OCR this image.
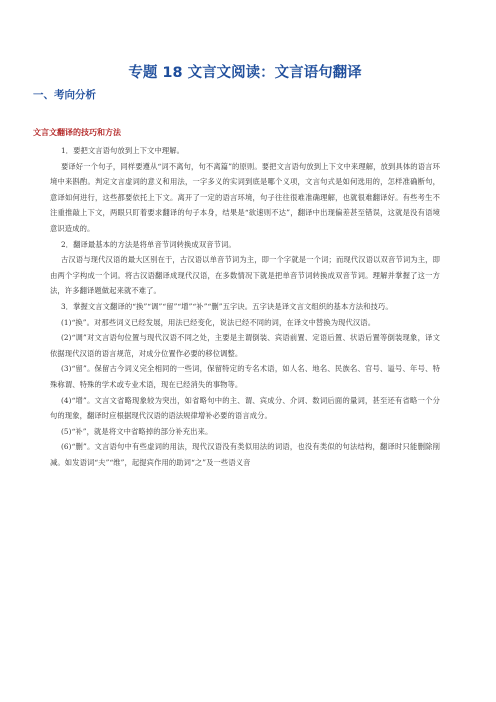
专题 18 文言文阅读：文言语句翻译
一、考向分析
文言文翻译的技巧和方法

1．要把文言语句放到上下文中理解。

要译好一个句子，同样要遵从“词不离句，句不离篇”的原则。要把文言语句放到上下文中来理解，放到具体的语言环境中来斟酌。判定文言虚词的意义和用法，一字多义的实词到底是哪个义项，文言句式是如何选用的，怎样准确断句，意译如何进行，这些都要依托上下文。离开了一定的语言环境，句子往往很难准确理解，也就很难翻译好。有些考生不注重推敲上下文，两眼只盯着要求翻译的句子本身，结果是“欲速则不达”，翻译中出现偏差甚至错误，这就是没有语境意识造成的。

2．翻译最基本的方法是将单音节词转换成双音节词。

古汉语与现代汉语的最大区别在于，古汉语以单音节词为主，即一个字就是一个词；而现代汉语以双音节词为主，即由两个字构成一个词。将古汉语翻译成现代汉语，在多数情况下就是把单音节词转换成双音节词。理解并掌握了这一方法，许多翻译题做起来就不难了。

3．掌握文言文翻译的“换”“调”“留”“增”“补”“删”五字诀。五字诀是译文言文组织的基本方法和技巧。

(1)“换”。对那些词义已经发展，用法已经变化，说法已经不同的词，在译文中替换为现代汉语。

(2)“调”对文言语句位置与现代汉语不同之处，主要是主谓倒装、宾语前置、定语后置、状语后置等倒装现象，译文依据现代汉语的语言规范，对成分位置作必要的移位调整。

(3)“留”。保留古今词义完全相同的一些词，保留特定的专名术语，如人名、地名、民族名、官号、谥号、年号、特殊称谓、特殊的学术或专业术语，现在已经消失的事物等。

(4)“增”。文言文省略现象较为突出，如省略句中的主、谓、宾成分、介词、数词后面的量词，甚至还有省略一个分句的现象，翻译时应根据现代汉语的语法规律增补必要的语言成分。

(5)“补”，就是将文中省略掉的部分补充出来。

(6)“删”。文言语句中有些虚词的用法，现代汉语没有类似用法的词语，也没有类似的句法结构，翻译时只能删除削减。如发语词“夫”“维”，起提宾作用的助词“之”及一些语义音
